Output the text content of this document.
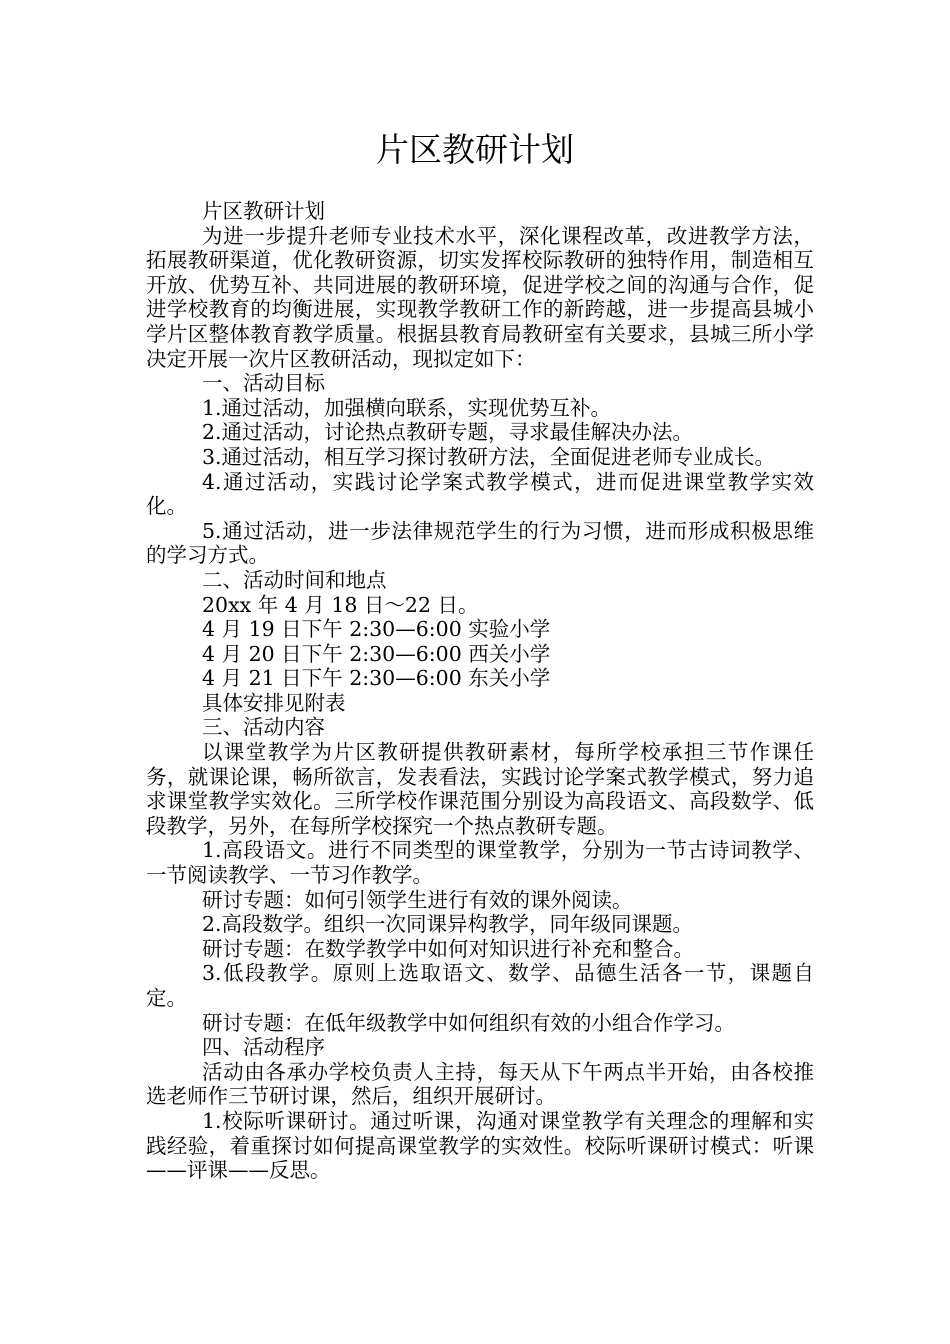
片区教研计划

片区教研计划

为进一步提升老师专业技术水平，深化课程改革，改进教学方法，拓展教研渠道，优化教研资源，切实发挥校际教研的独特作用，制造相互开放、优势互补、共同进展的教研环境，促进学校之间的沟通与合作，促进学校教育的均衡进展，实现教学教研工作的新跨越，进一步提高县城小学片区整体教育教学质量。根据县教育局教研室有关要求，县城三所小学决定开展一次片区教研活动，现拟定如下：

一、活动目标

1.通过活动，加强横向联系，实现优势互补。

2.通过活动，讨论热点教研专题，寻求最佳解决办法。

3.通过活动，相互学习探讨教研方法，全面促进老师专业成长。

4.通过活动，实践讨论学案式教学模式，进而促进课堂教学实效化。

5.通过活动，进一步法律规范学生的行为习惯，进而形成积极思维的学习方式。

二、活动时间和地点

20xx 年 4 月 18 日～22 日。

4 月 19 日下午 2:30—6:00 实验小学

4 月 20 日下午 2:30—6:00 西关小学

4 月 21 日下午 2:30—6:00 东关小学

具体安排见附表

三、活动内容

以课堂教学为片区教研提供教研素材，每所学校承担三节作课任务，就课论课，畅所欲言，发表看法，实践讨论学案式教学模式，努力追求课堂教学实效化。三所学校作课范围分别设为高段语文、高段数学、低段教学，另外，在每所学校探究一个热点教研专题。

1.高段语文。进行不同类型的课堂教学，分别为一节古诗词教学、一节阅读教学、一节习作教学。

研讨专题：如何引领学生进行有效的课外阅读。

2.高段数学。组织一次同课异构教学，同年级同课题。

研讨专题：在数学教学中如何对知识进行补充和整合。

3.低段教学。原则上选取语文、数学、品德生活各一节，课题自定。

研讨专题：在低年级教学中如何组织有效的小组合作学习。

四、活动程序

活动由各承办学校负责人主持，每天从下午两点半开始，由各校推选老师作三节研讨课，然后，组织开展研讨。

1.校际听课研讨。通过听课，沟通对课堂教学有关理念的理解和实践经验，着重探讨如何提高课堂教学的实效性。校际听课研讨模式：听课——评课——反思。
